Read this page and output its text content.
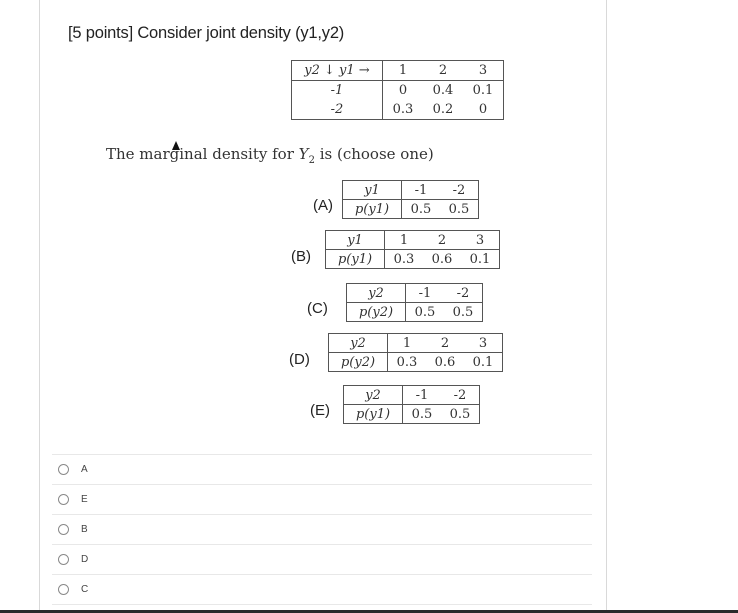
[5 points] Consider joint density (y1,y2)
y2 ↓ y1 →	1	2	3
-1	0	0.4	0.1
-2	0.3	0.2	0
The marginal density for $Y_2$ is (choose one)
(A)
y1	-1	-2
p(y1)	0.5	0.5
(B)
y1	1	2	3
p(y1)	0.3	0.6	0.1
(C)
y2	-1	-2
p(y2)	0.5	0.5
(D)
y2	1	2	3
p(y2)	0.3	0.6	0.1
(E)
y2	-1	-2
p(y1)	0.5	0.5
A
E
B
D
C
